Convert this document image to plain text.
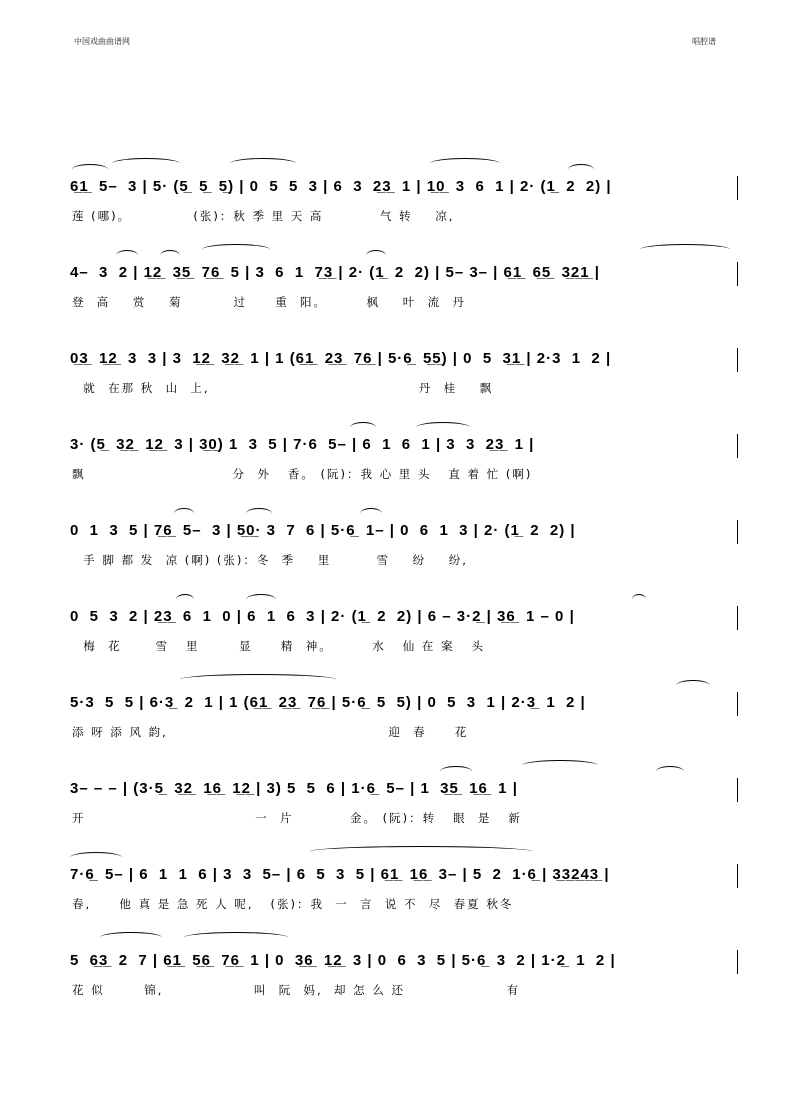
中国戏曲曲谱网	唱腔谱
6̲1̲  5–  3 | 5· (5̲  5̲  5̲) | 0  5  5  3 | 6  3  2̲3̲  1 | 1̲0̲  3  6  1 | 2· (1̲  2  2) |
莲 (哪)。           (张)：秋 季 里 天 高          气 转    凉,
4–  3  2 | 1̲2̲  3̲5̲  7̲6̲  5 | 3  6  1  7̲3̲ | 2· (1̲  2  2) | 5– 3– | 6̲1̲  6̲5̲  3̲2̲1̲ |
登  高    赏    菊         过     重  阳。       枫    叶  流  丹
0̲3̲  1̲2̲  3  3 | 3  1̲2̲  3̲2̲  1 | 1 (6̲1̲  2̲3̲  7̲6̲ | 5·6̲  5̲5̲) | 0  5  3̲1̲ | 2·3  1  2 |
就  在那 秋  山  上,                                     丹  桂    飘
3· (5̲  3̲2̲  1̲2̲  3 | 3̲0̲) 1  3  5 | 7·6  5– | 6  1  6  1 | 3  3  2̲3̲  1 |
飘                          分  外   香。 (阮)：我 心 里 头   直 着 忙 (啊)
0  1  3  5 | 7̲6̲  5–  3 | 5̲0̲· 3  7  6 | 5·6̲  1– | 0  6  1  3 | 2· (1̲  2  2) |
手 脚 都 发  凉 (啊) (张)：冬  季    里        雪    纷    纷,
0  5  3  2 | 2̲3̲  6  1  0 | 6  1  6  3 | 2· (1̲  2  2) | 6 – 3·2̲ | 3̲6̲  1 – 0 |
梅  花      雪   里       显     精  神。       水   仙 在 案   头
5·3  5  5 | 6·3̲  2  1 | 1 (6̲1̲  2̲3̲  7̲6̲ | 5·6̲  5  5) | 0  5  3  1 | 2·3̲  1  2 |
添 呀 添 风 韵,                                       迎  春     花
3– – – | (3·5̲  3̲2̲  1̲6̲  1̲2̲ | 3) 5  5  6 | 1·6̲  5– | 1  3̲5̲  1̲6̲  1 |
开                              一  片          金。 (阮)：转   眼  是   新
7·6̲  5– | 6  1  1  6 | 3  3  5– | 6  5  3  5 | 6̲1̲  1̲6̲  3– | 5  2  1·6̲ | 3̲3̲2̲4̲3̲ |
春,     他 真 是 急 死 人 呢,   (张)：我  一  言  说 不  尽  春夏 秋冬
5  6̲3̲  2  7 | 6̲1̲  5̲6̲  7̲6̲  1 | 0  3̲6̲  1̲2̲  3 | 0  6  3  5 | 5·6̲  3  2 | 1·2̲  1  2 |
花 似       锦,                叫  阮  妈,  却 怎 么 还                  有
